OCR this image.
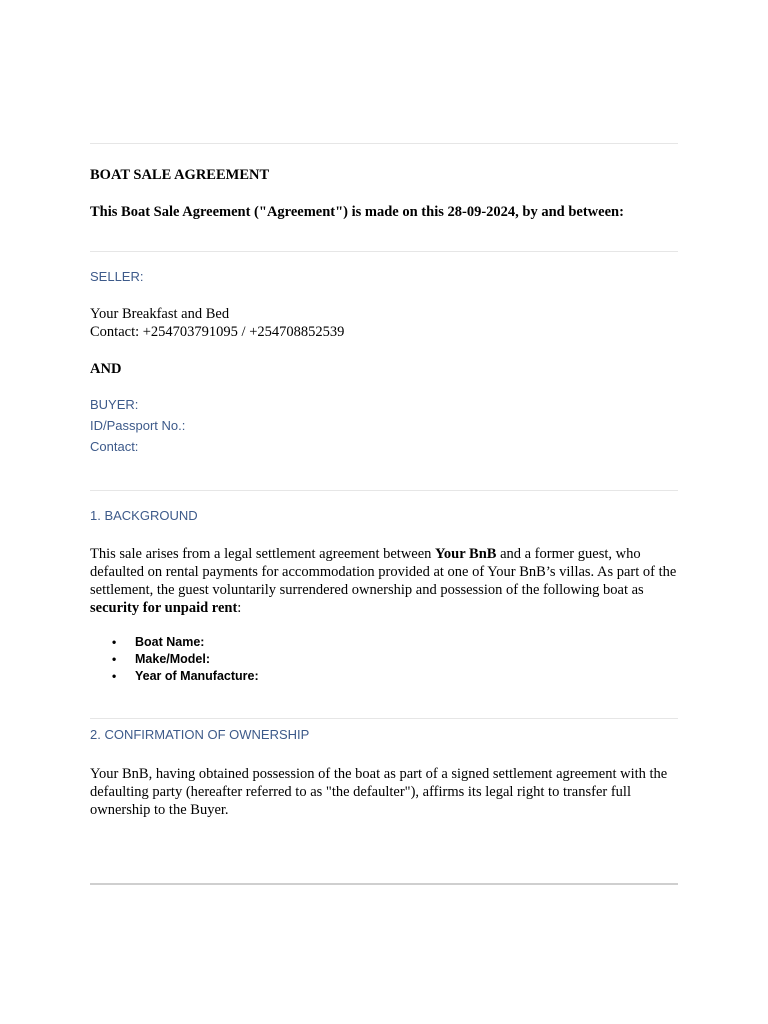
BOAT SALE AGREEMENT
This Boat Sale Agreement ("Agreement") is made on this 28-09-2024, by and between:
SELLER:
Your Breakfast and Bed
Contact: +254703791095 / +254708852539
AND
BUYER:
ID/Passport No.:
Contact:
1. BACKGROUND
This sale arises from a legal settlement agreement between Your BnB and a former guest, who defaulted on rental payments for accommodation provided at one of Your BnB’s villas. As part of the settlement, the guest voluntarily surrendered ownership and possession of the following boat as security for unpaid rent:
• Boat Name:
• Make/Model:
• Year of Manufacture:
2. CONFIRMATION OF OWNERSHIP
Your BnB, having obtained possession of the boat as part of a signed settlement agreement with the defaulting party (hereafter referred to as "the defaulter"), affirms its legal right to transfer full ownership to the Buyer.
